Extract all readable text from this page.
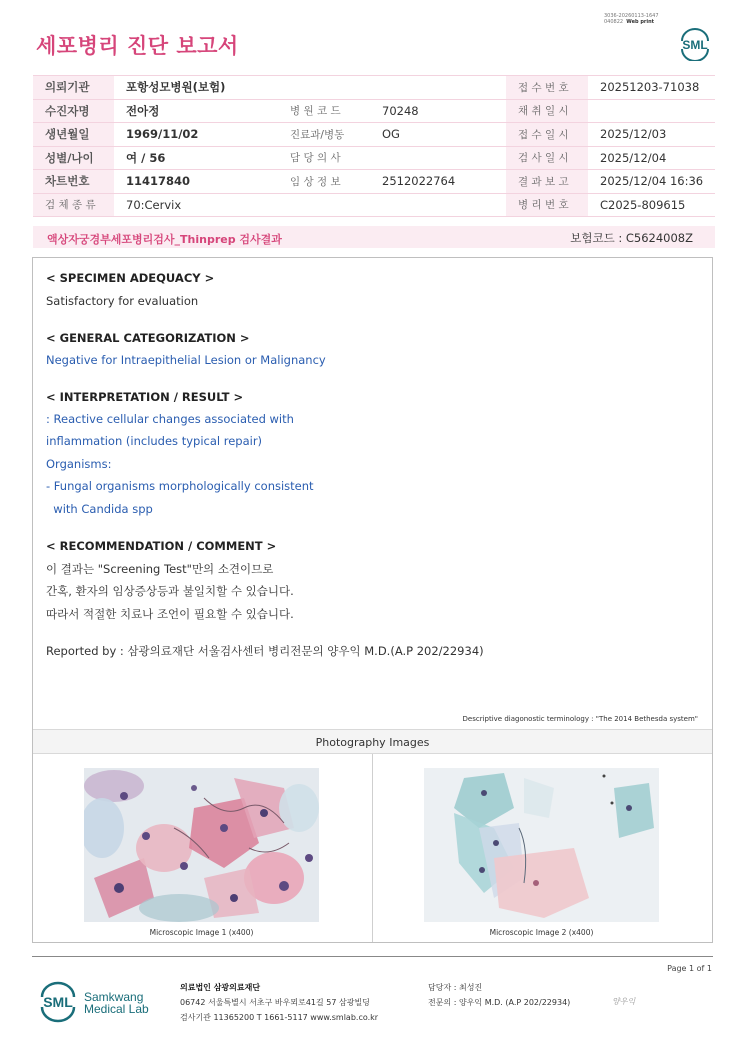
3036-20260113-1647
040822 Web print
세포병리 진단 보고서	SML
의뢰기관	포항성모병원(보험)			접 수 번 호	20251203-71038
수진자명	전아정	병 원 코 드	70248	채 취 일 시	
생년월일	1969/11/02	진료과/병동	OG	접 수 일 시	2025/12/03
성별/나이	여 / 56	담 당 의 사		검 사 일 시	2025/12/04
차트번호	11417840	임 상 정 보	2512022764	결 과 보 고	2025/12/04 16:36
검 체 종 류	70:Cervix			병 리 번 호	C2025-809615
액상자궁경부세포병리검사_Thinprep 검사결과	보험코드 : C5624008Z
< SPECIMEN ADEQUACY >
Satisfactory for evaluation
< GENERAL CATEGORIZATION >
Negative for Intraepithelial Lesion or Malignancy
< INTERPRETATION / RESULT >
: Reactive cellular changes associated with
inflammation (includes typical repair)
Organisms:
- Fungal organisms morphologically consistent
with Candida spp
< RECOMMENDATION / COMMENT >
이 결과는 "Screening Test"만의 소견이므로
간혹, 환자의 임상증상등과 불일치할 수 있습니다.
따라서 적절한 치료나 조언이 필요할 수 있습니다.
Reported by : 삼광의료재단 서울검사센터 병리전문의 양우익 M.D.(A.P 202/22934)
Descriptive diagonostic terminology : "The 2014 Bethesda system"
Photography Images
Microscopic Image 1 (x400)	Microscopic Image 2 (x400)
Page 1 of 1
SML Samkwang
Medical Lab
의료법인 삼광의료재단
06742 서울특별시 서초구 바우뫼로41길 57 삼광빌딩
검사기관 11365200 T 1661-5117 www.smlab.co.kr
담당자 : 최성진
전문의 : 양우익 M.D. (A.P 202/22934)	양우익
